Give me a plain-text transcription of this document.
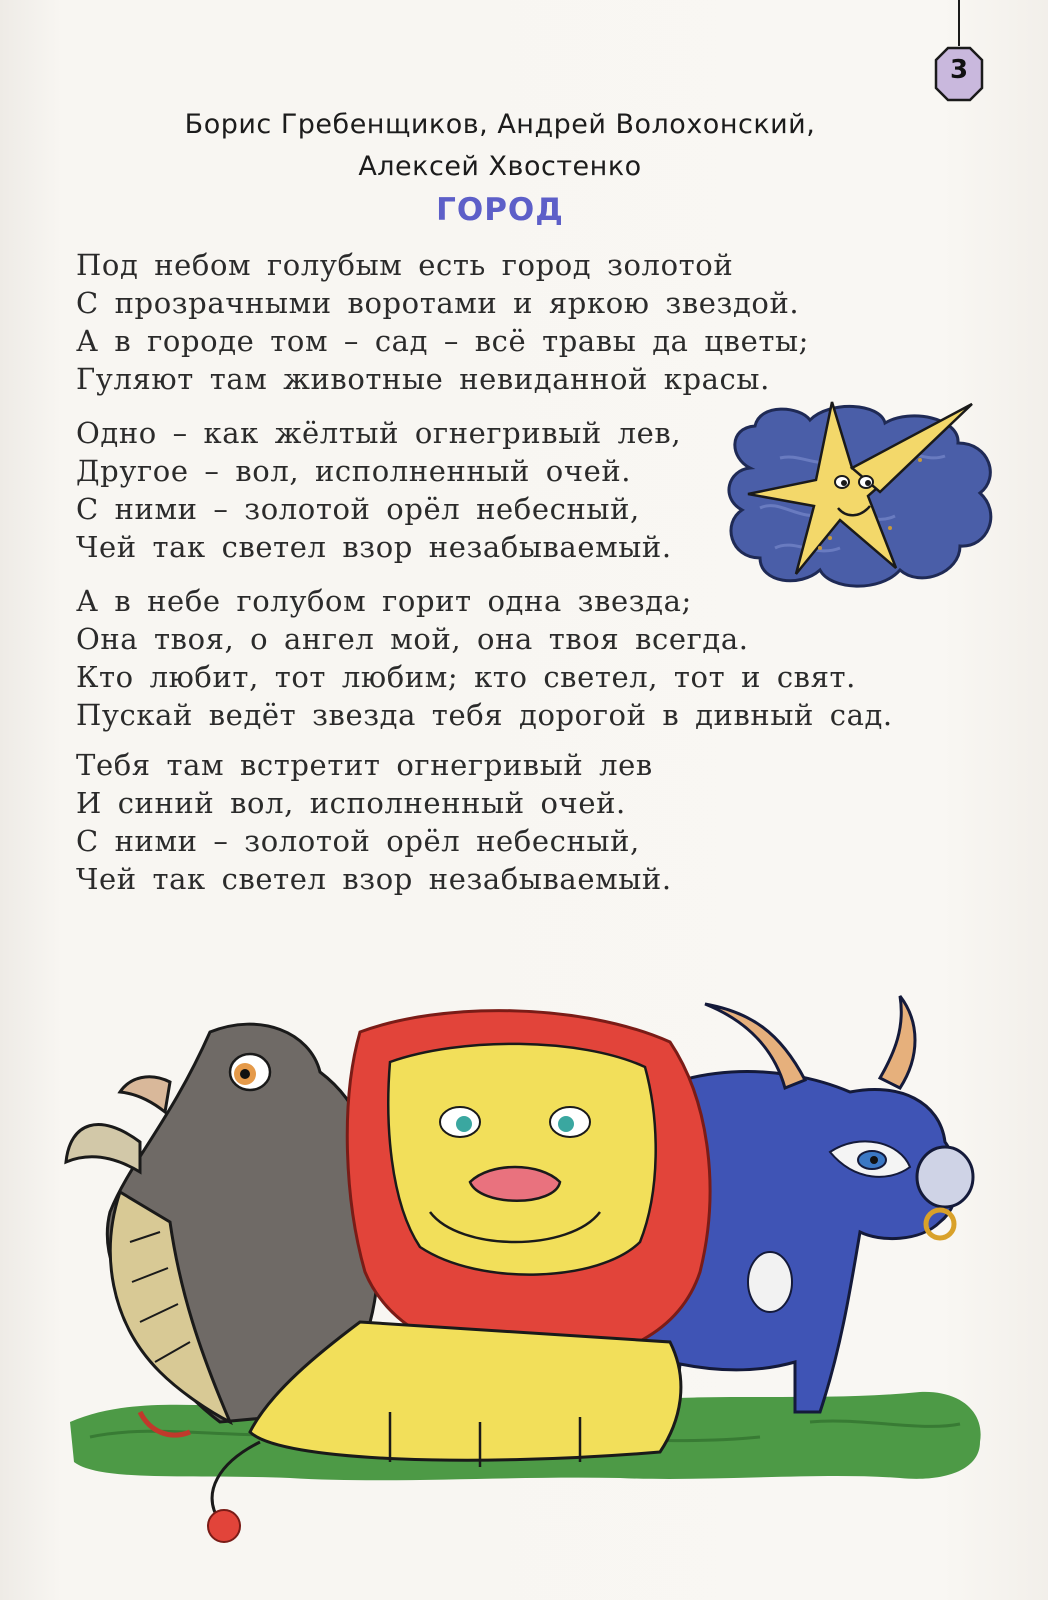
3
Борис Гребенщиков, Андрей Волохонский,
Алексей Хвостенко
ГОРОД
Под небом голубым есть город золотой
С прозрачными воротами и яркою звездой.
А в городе том – сад – всё травы да цветы;
Гуляют там животные невиданной красы.
Одно – как жёлтый огнегривый лев,
Другое – вол, исполненный очей.
С ними – золотой орёл небесный,
Чей так светел взор незабываемый.
А в небе голубом горит одна звезда;
Она твоя, о ангел мой, она твоя всегда.
Кто любит, тот любим; кто светел, тот и свят.
Пускай ведёт звезда тебя дорогой в дивный сад.
Тебя там встретит огнегривый лев
И синий вол, исполненный очей.
С ними – золотой орёл небесный,
Чей так светел взор незабываемый.
